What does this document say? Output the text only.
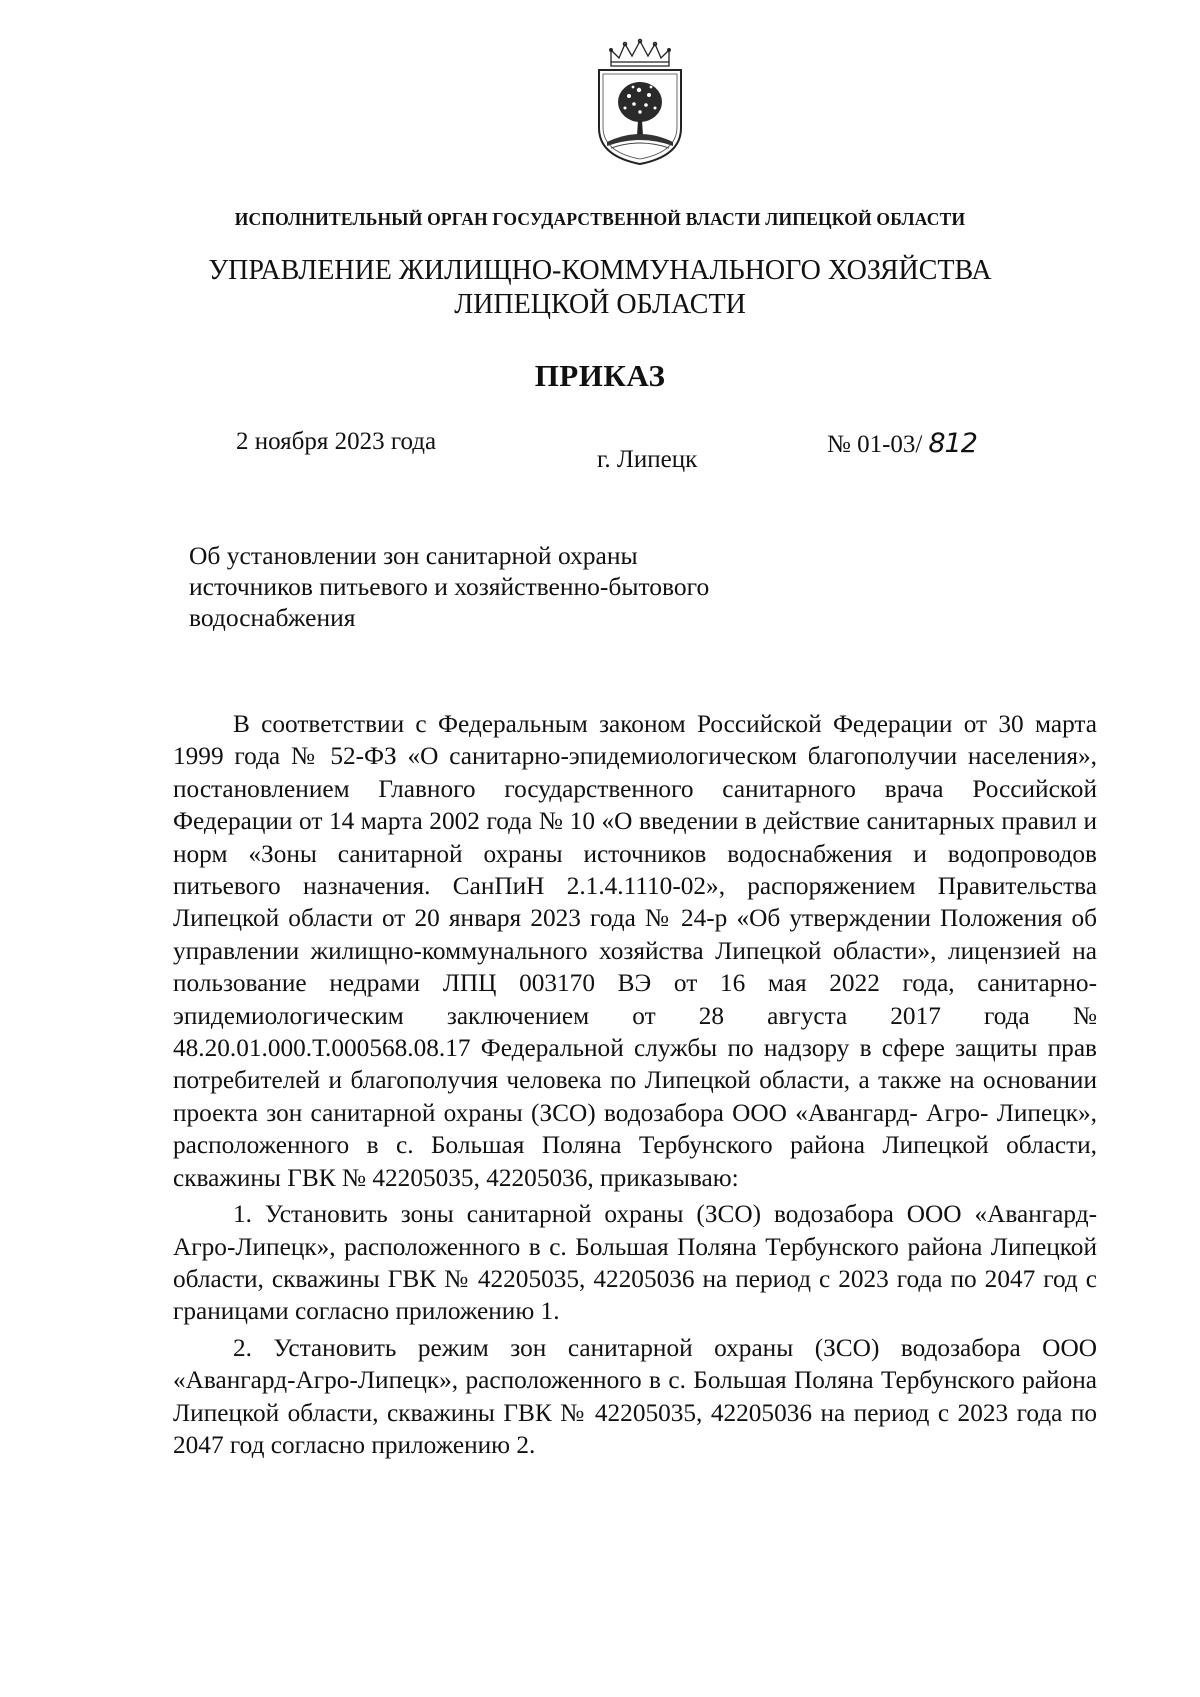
ИСПОЛНИТЕЛЬНЫЙ ОРГАН ГОСУДАРСТВЕННОЙ ВЛАСТИ ЛИПЕЦКОЙ ОБЛАСТИ
УПРАВЛЕНИЕ ЖИЛИЩНО-КОММУНАЛЬНОГО ХОЗЯЙСТВА
ЛИПЕЦКОЙ ОБЛАСТИ
ПРИКАЗ
2 ноября 2023 года
г. Липецк
№ 01-03/ 812
Об установлении зон санитарной охраны
источников питьевого и хозяйственно-бытового
водоснабжения

В соответствии с Федеральным законом Российской Федерации от 30 марта 1999 года № 52-ФЗ «О санитарно-эпидемиологическом благополучии населения», постановлением Главного государственного санитарного врача Российской Федерации от 14 марта 2002 года № 10 «О введении в действие санитарных правил и норм «Зоны санитарной охраны источников водоснабжения и водопроводов питьевого назначения. СанПиН 2.1.4.1110-02», распоряжением Правительства Липецкой области от 20 января 2023 года № 24-р «Об утверждении Положения об управлении жилищно-коммунального хозяйства Липецкой области», лицензией на пользование недрами ЛПЦ 003170 ВЭ от 16 мая 2022 года, санитарно-эпидемиологическим заключением от 28 августа 2017 года № 48.20.01.000.Т.000568.08.17 Федеральной службы по надзору в сфере защиты прав потребителей и благополучия человека по Липецкой области, а также на основании проекта зон санитарной охраны (ЗСО) водозабора ООО «Авангард- Агро- Липецк», расположенного в с. Большая Поляна Тербунского района Липецкой области, скважины ГВК № 42205035, 42205036, приказываю:

1. Установить зоны санитарной охраны (ЗСО) водозабора ООО «Авангард-Агро-Липецк», расположенного в с. Большая Поляна Тербунского района Липецкой области, скважины ГВК № 42205035, 42205036 на период с 2023 года по 2047 год с границами согласно приложению 1.

2. Установить режим зон санитарной охраны (ЗСО) водозабора ООО «Авангард-Агро-Липецк», расположенного в с. Большая Поляна Тербунского района Липецкой области, скважины ГВК № 42205035, 42205036 на период с 2023 года по 2047 год согласно приложению 2.
